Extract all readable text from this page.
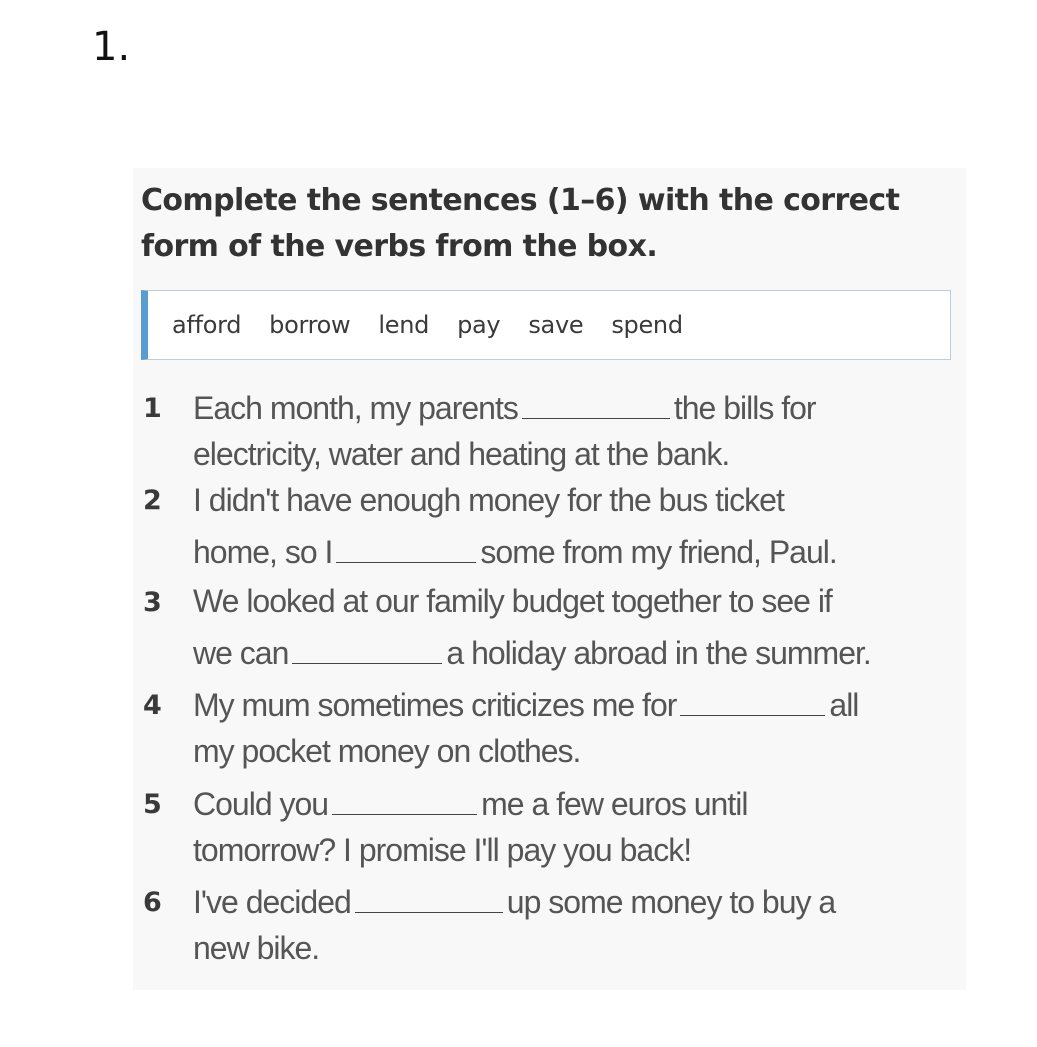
1.
Complete the sentences (1–6) with the correct
form of the verbs from the box.
afford borrow lend pay save spend
1 Each month, my parents	the bills for
electricity, water and heating at the bank.
2 I didn't have enough money for the bus ticket
home, so I	some from my friend, Paul.
3 We looked at our family budget together to see if
we can	a holiday abroad in the summer.
4 My mum sometimes criticizes me for	all
my pocket money on clothes.
5 Could you	me a few euros until
tomorrow? I promise I'll pay you back!
6 I've decided	up some money to buy a
new bike.
